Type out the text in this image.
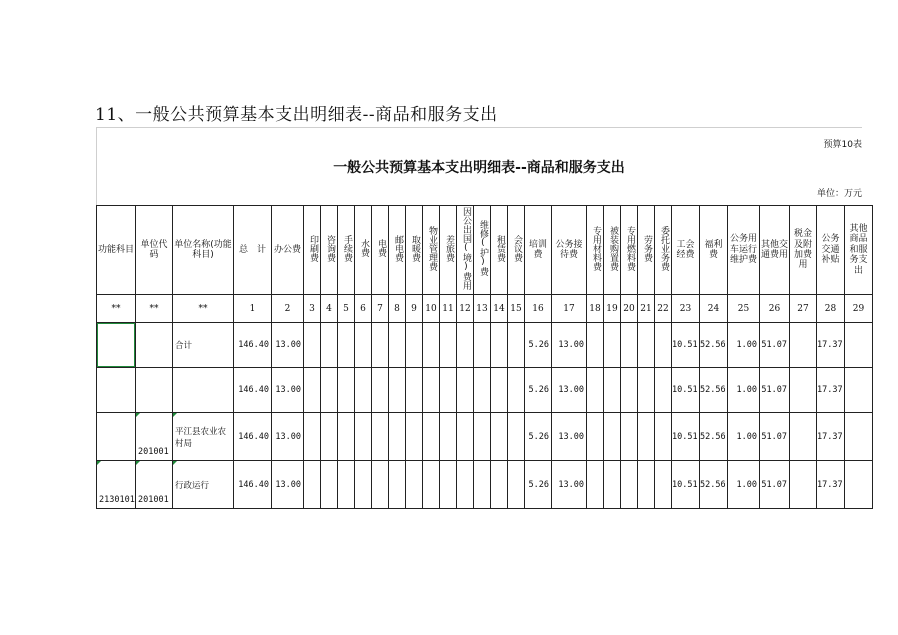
11、一般公共预算基本支出明细表--商品和服务支出
预算10表
一般公共预算基本支出明细表--商品和服务支出
单位：万元
功能科目	单位代码	单位名称(功能科目)	总　计	办公费	印刷费	咨询费	手续费	水费	电费	邮电费	取暖费	物业管理费	差旅费	因公出国(境)费用	维修(护)费	租赁费	会议费	培训费	公务接待费	专用材料费	被装购置费	专用燃料费	劳务费	委托业务费	工会经费	福利费	公务用车运行维护费	其他交通费用	税金及附加费用	公务交通补贴	其他商品和服务支出
**	**	**	1	2	3	4	5	6	7	8	9	10	11	12	13	14	15	16	17	18	19	20	21	22	23	24	25	26	27	28	29
		合计	146.40	13.00														5.26	13.00						10.51	52.56	1.00	51.07		17.37	
			146.40	13.00														5.26	13.00						10.51	52.56	1.00	51.07		17.37	
	201001	平江县农业农村局	146.40	13.00														5.26	13.00						10.51	52.56	1.00	51.07		17.37	
2130101	201001	行政运行	146.40	13.00														5.26	13.00						10.51	52.56	1.00	51.07		17.37	
